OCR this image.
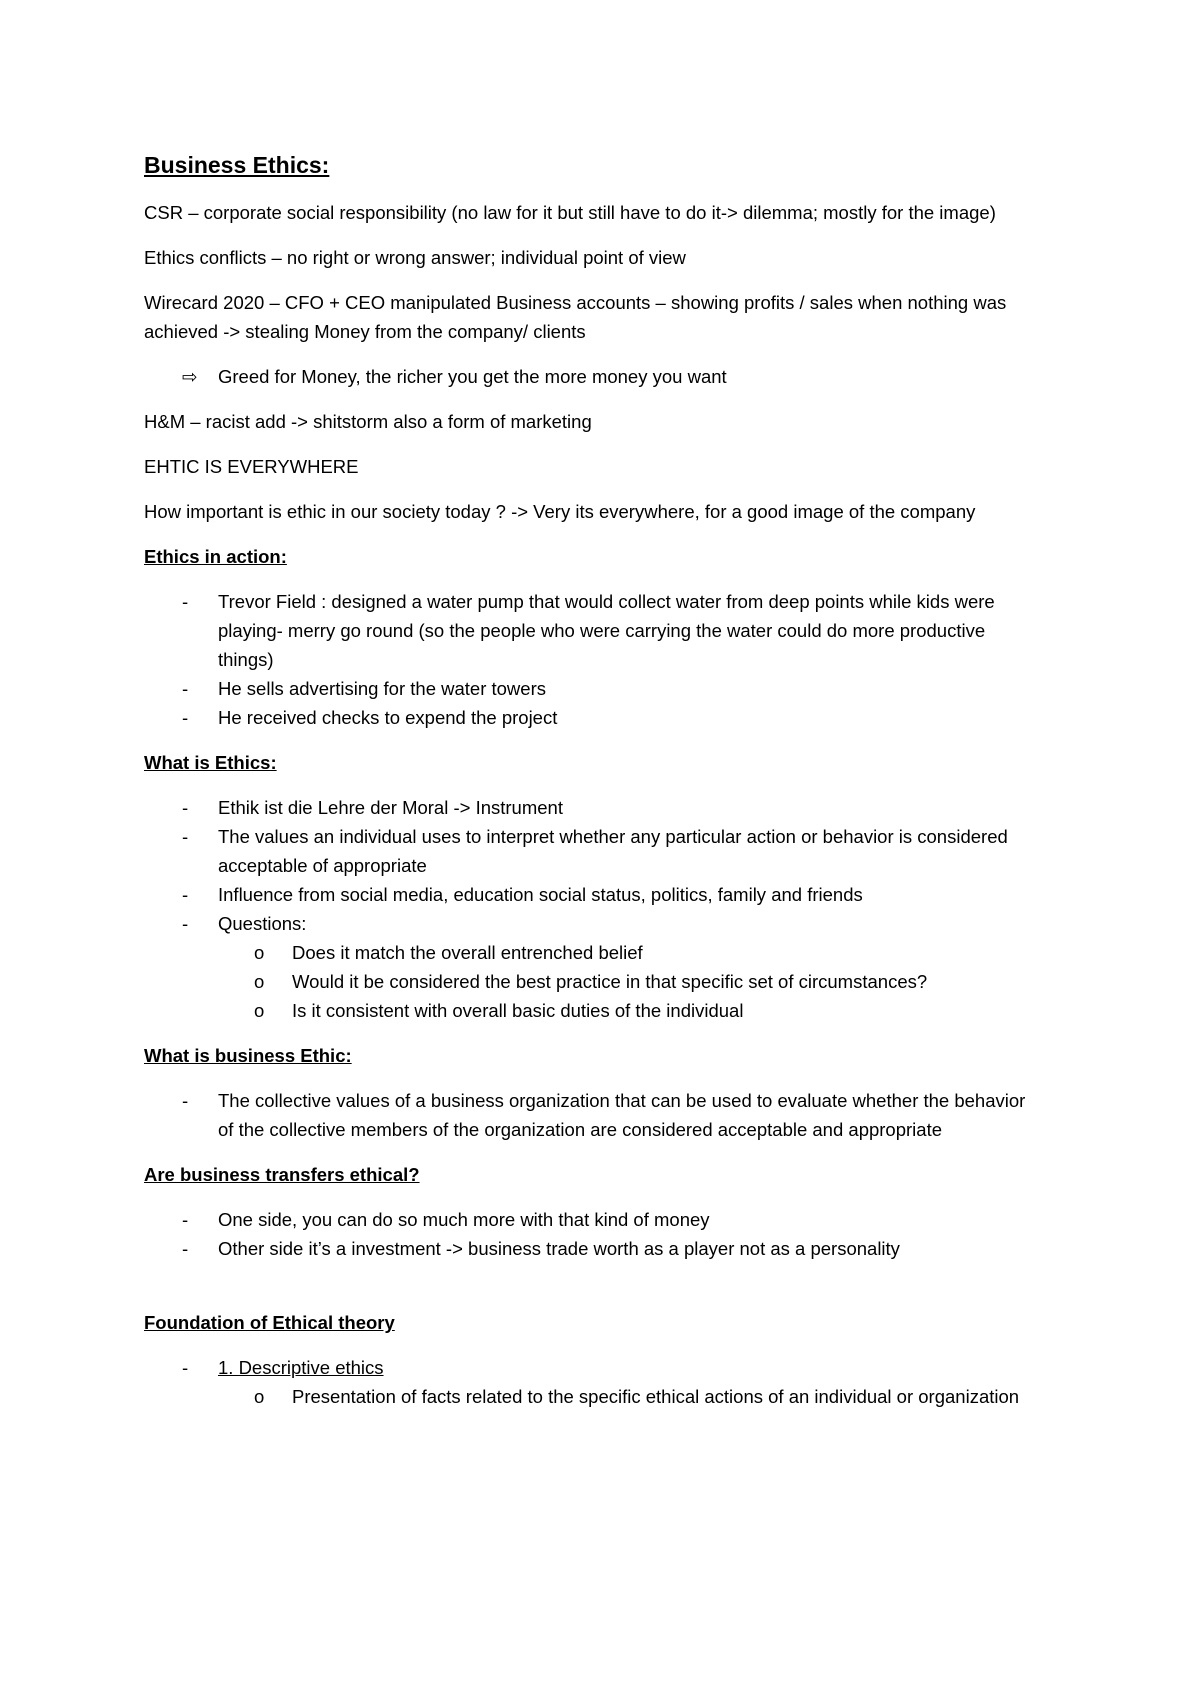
Business Ethics:
CSR – corporate social responsibility (no law for it but still have to do it-> dilemma; mostly for the image)
Ethics conflicts – no right or wrong answer; individual point of view
Wirecard 2020 – CFO + CEO manipulated Business accounts – showing profits / sales when nothing was achieved -> stealing Money from the company/ clients
⇨	Greed for Money, the richer you get the more money you want
H&M – racist add -> shitstorm also a form of marketing
EHTIC IS EVERYWHERE
How important is ethic in our society today ? -> Very its everywhere, for a good image of the company
Ethics in action:
- Trevor Field : designed a water pump that would collect water from deep points while kids were playing- merry go round (so the people who were carrying the water could do more productive things)
- He sells advertising for the water towers
- He received checks to expend the project
What is Ethics:
- Ethik ist die Lehre der Moral -> Instrument
- The values an individual uses to interpret whether any particular action or behavior is considered acceptable of appropriate
- Influence from social media, education social status, politics, family and friends
- Questions:
o Does it match the overall entrenched belief
o Would it be considered the best practice in that specific set of circumstances?
o Is it consistent with overall basic duties of the individual
What is business Ethic:
- The collective values of a business organization that can be used to evaluate whether the behavior of the collective members of the organization are considered acceptable and appropriate
Are business transfers ethical?
- One side, you can do so much more with that kind of money
- Other side it’s a investment -> business trade worth as a player not as a personality
Foundation of Ethical theory
- 1. Descriptive ethics
o Presentation of facts related to the specific ethical actions of an individual or organization
